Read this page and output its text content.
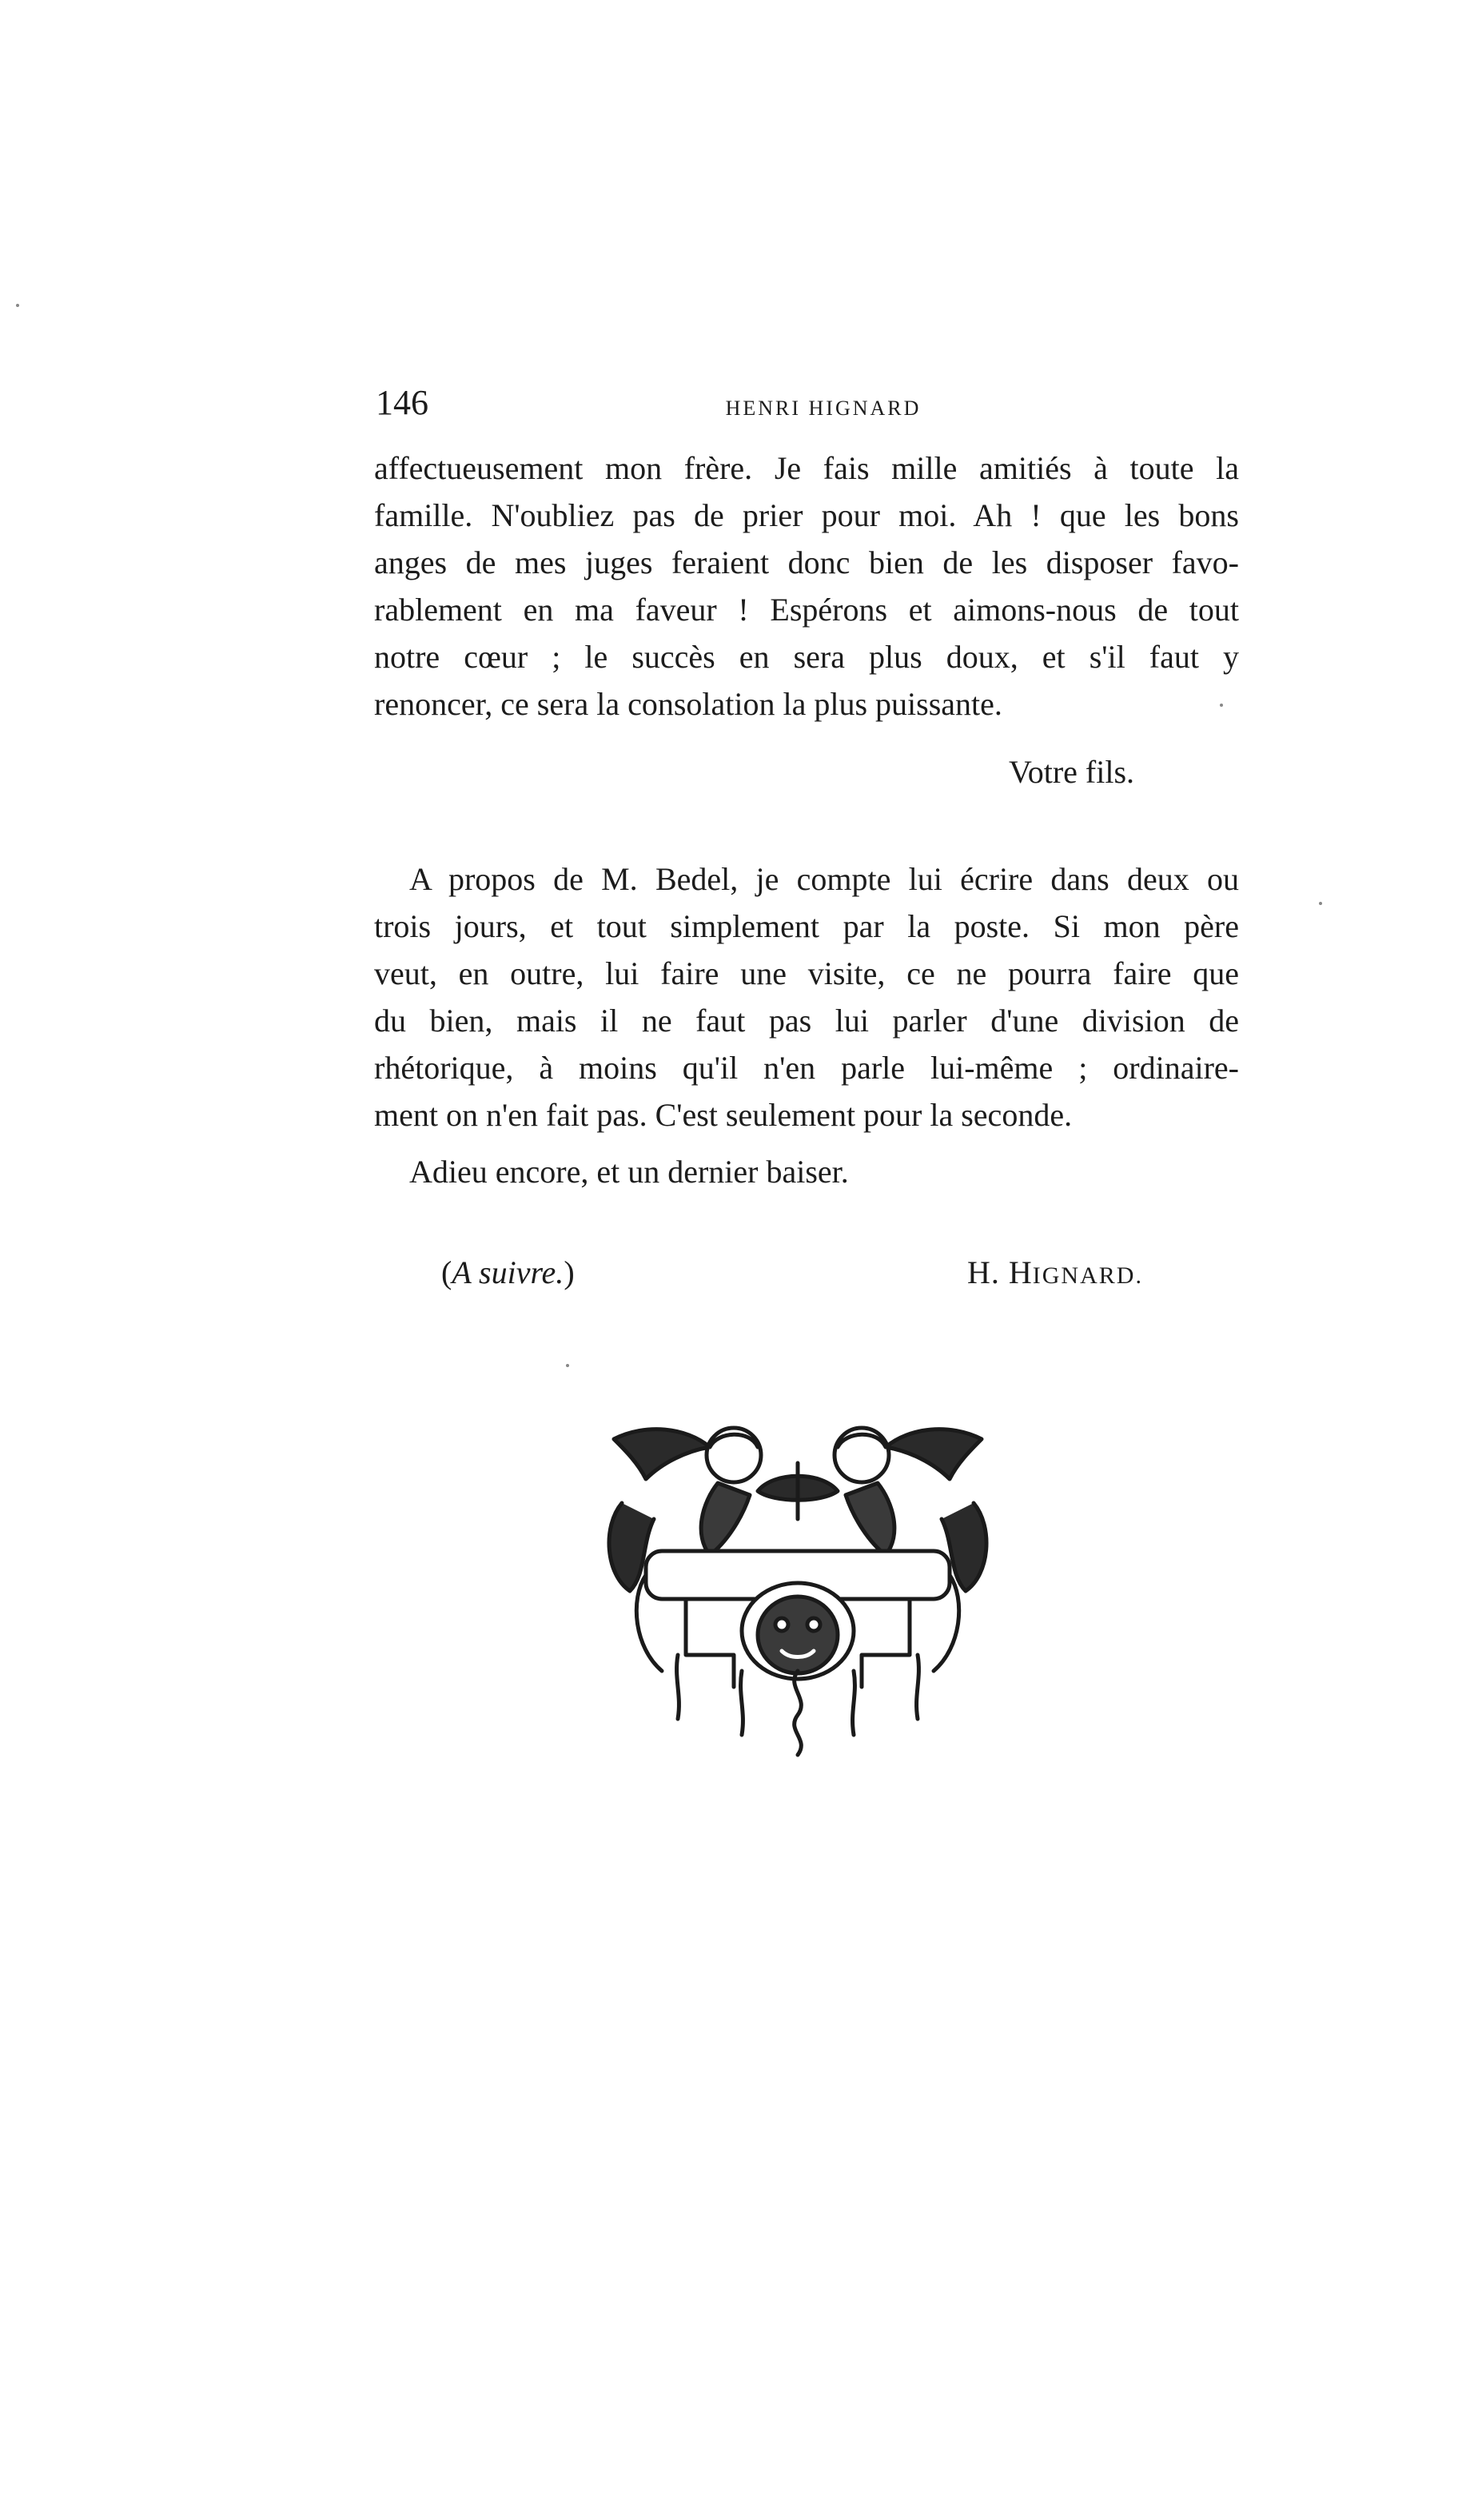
146	HENRI HIGNARD
affectueusement mon frère. Je fais mille amitiés à toute la
famille. N'oubliez pas de prier pour moi. Ah ! que les bons
anges de mes juges feraient donc bien de les disposer favo-
rablement en ma faveur ! Espérons et aimons-nous de tout
notre cœur ; le succès en sera plus doux, et s'il faut y
renoncer, ce sera la consolation la plus puissante.
Votre fils.
A propos de M. Bedel, je compte lui écrire dans deux ou
trois jours, et tout simplement par la poste. Si mon père
veut, en outre, lui faire une visite, ce ne pourra faire que
du bien, mais il ne faut pas lui parler d'une division de
rhétorique, à moins qu'il n'en parle lui-même ; ordinaire-
ment on n'en fait pas. C'est seulement pour la seconde.
Adieu encore, et un dernier baiser.
(A suivre.)	H. HIGNARD.
